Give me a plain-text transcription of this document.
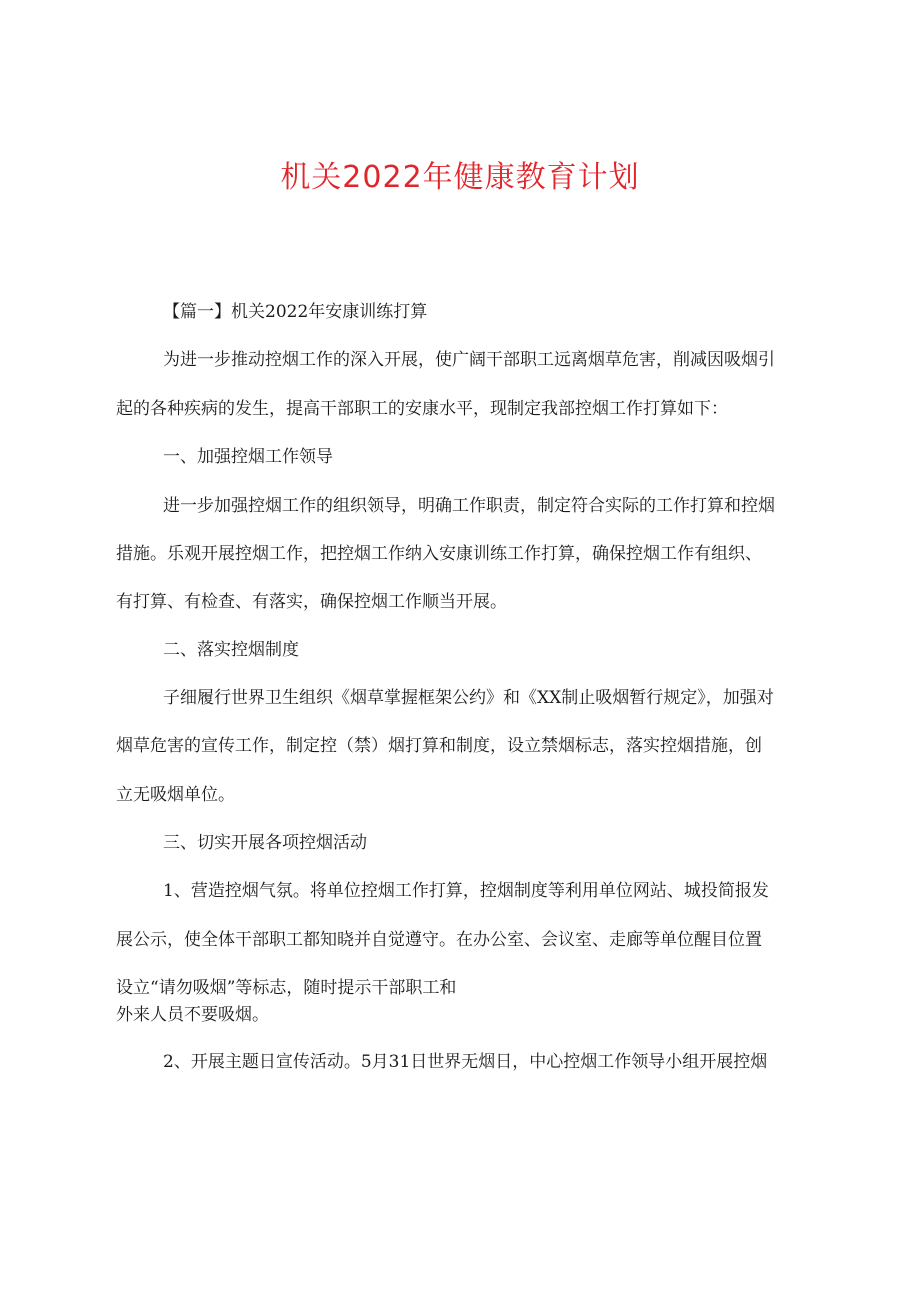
机关2022年健康教育计划
【篇一】机关2022年安康训练打算
为进一步推动控烟工作的深入开展，使广阔干部职工远离烟草危害，削减因吸烟引
起的各种疾病的发生，提高干部职工的安康水平，现制定我部控烟工作打算如下：
一、加强控烟工作领导
进一步加强控烟工作的组织领导，明确工作职责，制定符合实际的工作打算和控烟
措施。乐观开展控烟工作，把控烟工作纳入安康训练工作打算，确保控烟工作有组织、
有打算、有检查、有落实，确保控烟工作顺当开展。
二、落实控烟制度
子细履行世界卫生组织《烟草掌握框架公约》和《XX制止吸烟暂行规定》，加强对
烟草危害的宣传工作，制定控（禁）烟打算和制度，设立禁烟标志，落实控烟措施，创
立无吸烟单位。
三、切实开展各项控烟活动
1、营造控烟气氛。将单位控烟工作打算，控烟制度等利用单位网站、城投简报发
展公示，使全体干部职工都知晓并自觉遵守。在办公室、会议室、走廊等单位醒目位置
设立“请勿吸烟”等标志，随时提示干部职工和
外来人员不要吸烟。
2、开展主题日宣传活动。5月31日世界无烟日，中心控烟工作领导小组开展控烟
